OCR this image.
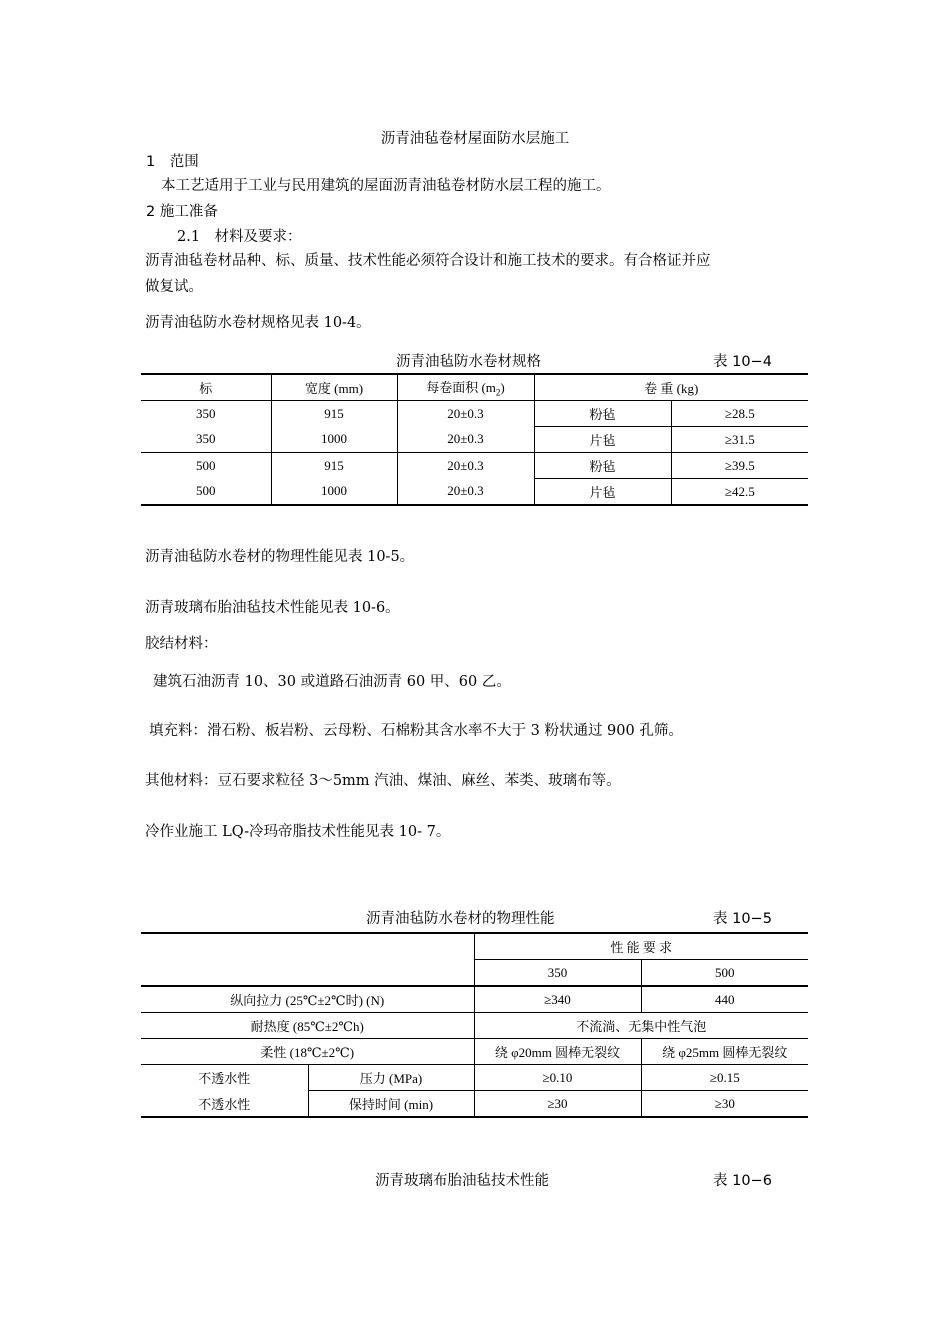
沥青油毡卷材屋面防水层施工
1　范围
本工艺适用于工业与民用建筑的屋面沥青油毡卷材防水层工程的施工。
2 施工准备
2.1　材料及要求：
沥青油毡卷材品种、标、质量、技术性能必须符合设计和施工技术的要求。有合格证并应
做复试。
沥青油毡防水卷材规格见表 10-4。
沥青油毡防水卷材规格	表 10−4
标	宽度 (mm)	每卷面积 $(m_2)$	卷 重 (kg)	
350	915	20±0.3	粉毡	≥28.5
350	1000	20±0.3	片毡	≥31.5
500	915	20±0.3	粉毡	≥39.5
500	1000	20±0.3	片毡	≥42.5
沥青油毡防水卷材的物理性能见表 10-5。
沥青玻璃布胎油毡技术性能见表 10-6。
胶结材料：
建筑石油沥青 10、30 或道路石油沥青 60 甲、60 乙。
填充料：滑石粉、板岩粉、云母粉、石棉粉其含水率不大于 3 粉状通过 900 孔筛。
其他材料：豆石要求粒径 3～5mm 汽油、煤油、麻丝、苯类、玻璃布等。
冷作业施工 LQ-冷玛帝脂技术性能见表 10- 7。
沥青油毡防水卷材的物理性能	表 10−5
		性 能 要 求	
		350	500
纵向拉力 (25℃±2℃时) (N)		≥340	440
耐热度 (85℃±2℃h)		不流淌、无集中性气泡	
柔性 (18℃±2℃)		绕 φ20mm 圆棒无裂纹	绕 φ25mm 圆棒无裂纹
不透水性	压力 (MPa)	≥0.10	≥0.15
不透水性	保持时间 (min)	≥30	≥30
沥青玻璃布胎油毡技术性能	表 10−6
